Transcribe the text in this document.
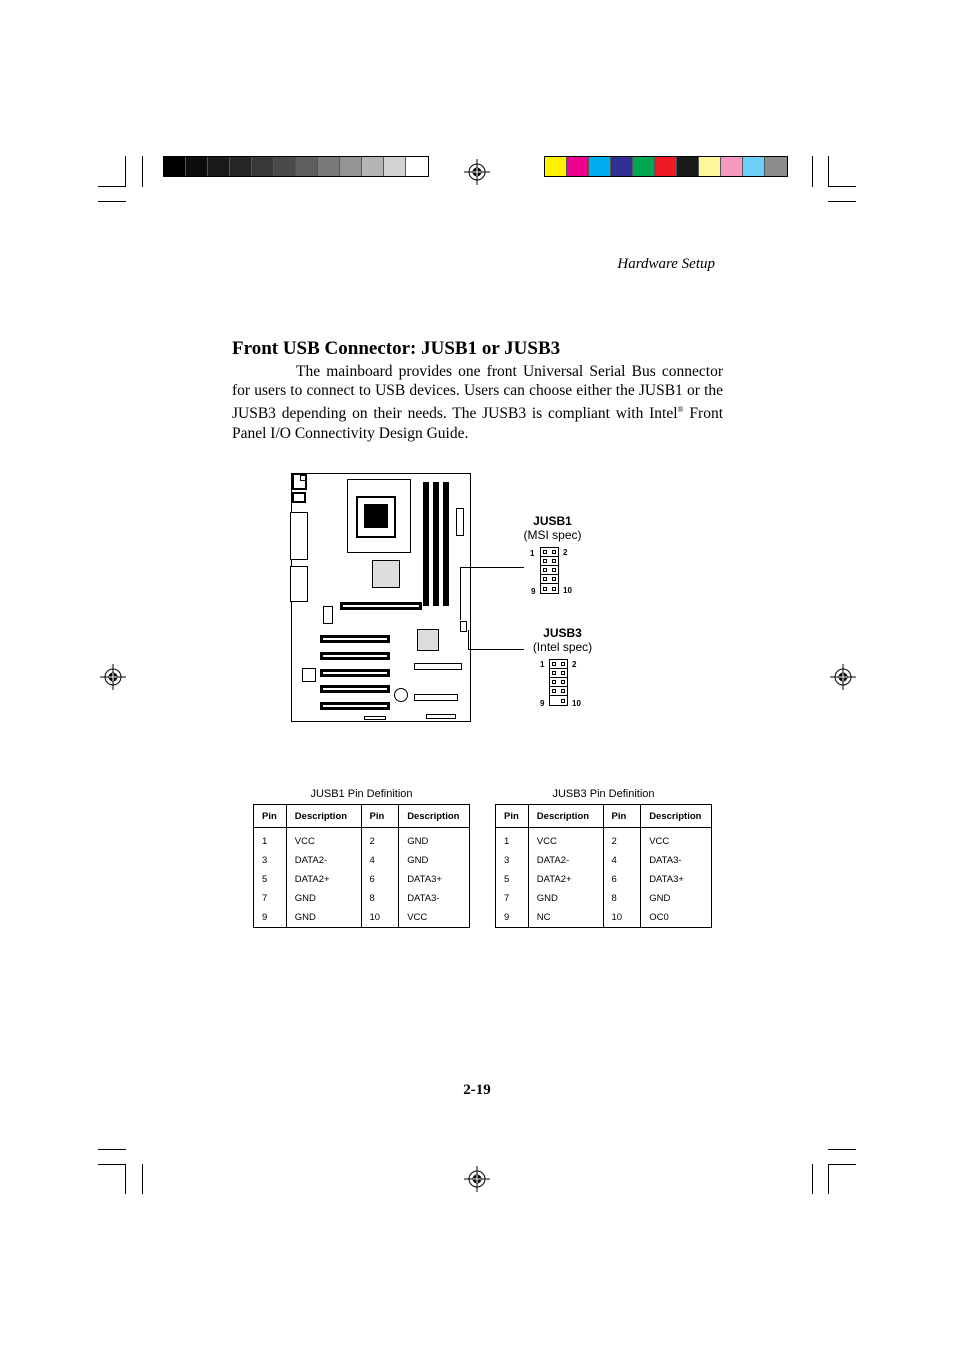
Hardware Setup
Front USB Connector: JUSB1 or JUSB3
The mainboard provides one front Universal Serial Bus connector for users to connect to USB devices. Users can choose either the JUSB1 or the JUSB3 depending on their needs. The JUSB3 is compliant with Intel® Front Panel I/O Connectivity Design Guide.
JUSB1
(MSI spec)
1	2
9	10
JUSB3
(Intel spec)
1	2
9	10
JUSB1 Pin Definition
Pin	Description	Pin	Description
1	VCC	2	GND
3	DATA2-	4	GND
5	DATA2+	6	DATA3+
7	GND	8	DATA3-
9	GND	10	VCC
JUSB3 Pin Definition
Pin	Description	Pin	Description
1	VCC	2	VCC
3	DATA2-	4	DATA3-
5	DATA2+	6	DATA3+
7	GND	8	GND
9	NC	10	OC0
2-19
